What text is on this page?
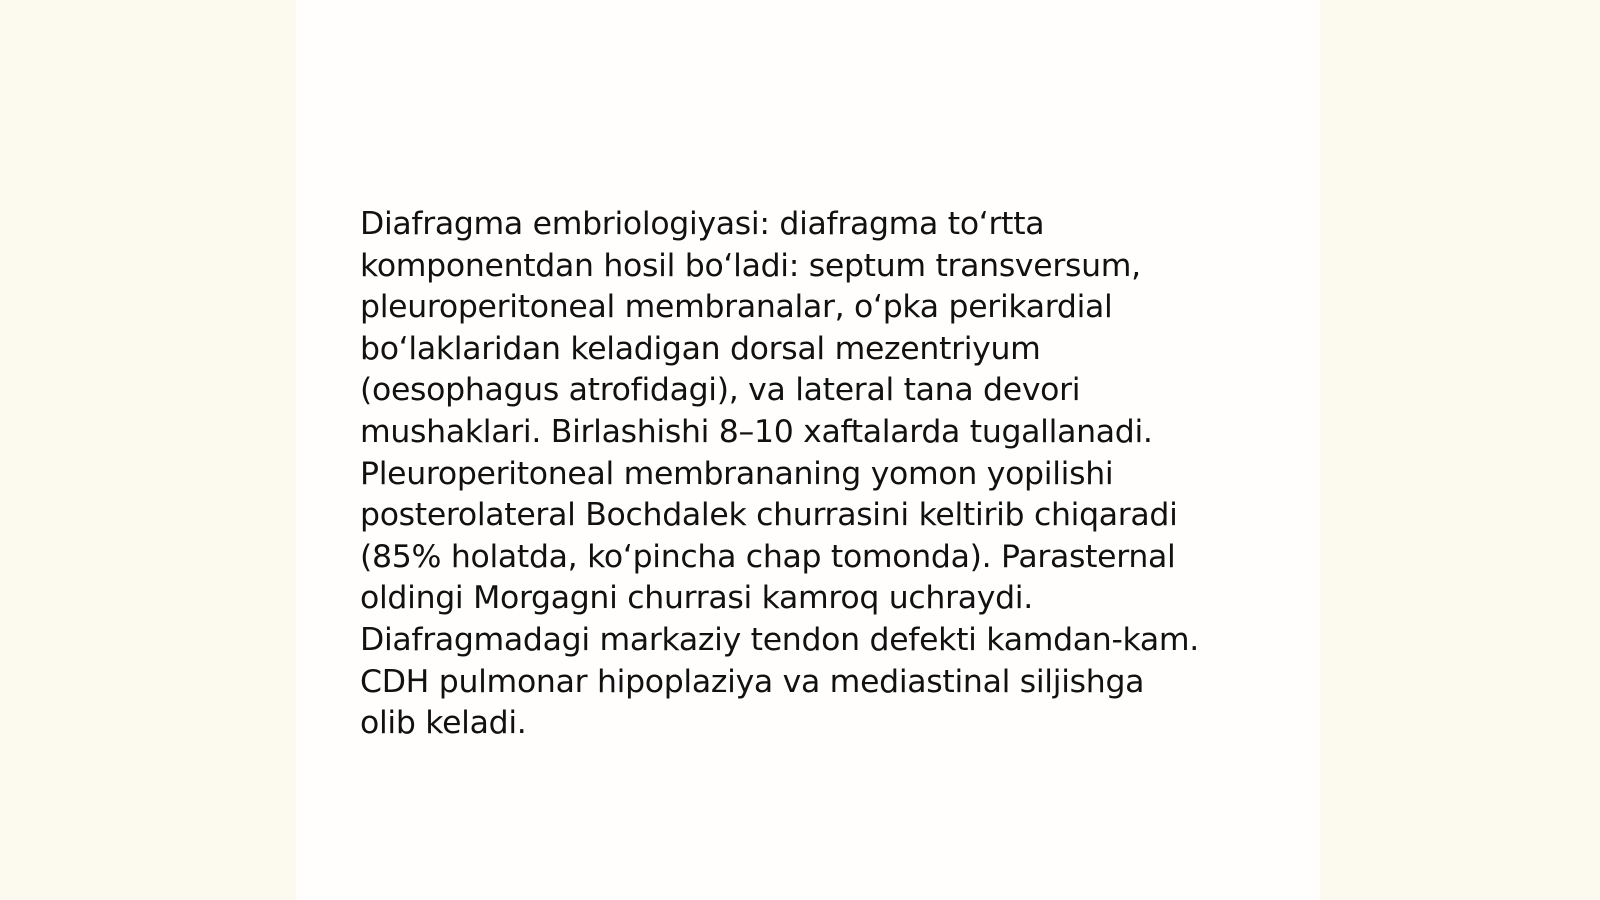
Diafragma embriologiyasi: diafragma to‘rtta
komponentdan hosil bo‘ladi: septum transversum,
pleuroperitoneal membranalar, o‘pka perikardial
bo‘laklaridan keladigan dorsal mezentriyum
(oesophagus atrofidagi), va lateral tana devori
mushaklari. Birlashishi 8–10 xaftalarda tugallanadi.
Pleuroperitoneal membrananing yomon yopilishi
posterolateral Bochdalek churrasini keltirib chiqaradi
(85% holatda, ko‘pincha chap tomonda). Parasternal
oldingi Morgagni churrasi kamroq uchraydi.
Diafragmadagi markaziy tendon defekti kamdan-kam.
CDH pulmonar hipoplaziya va mediastinal siljishga
olib keladi.
